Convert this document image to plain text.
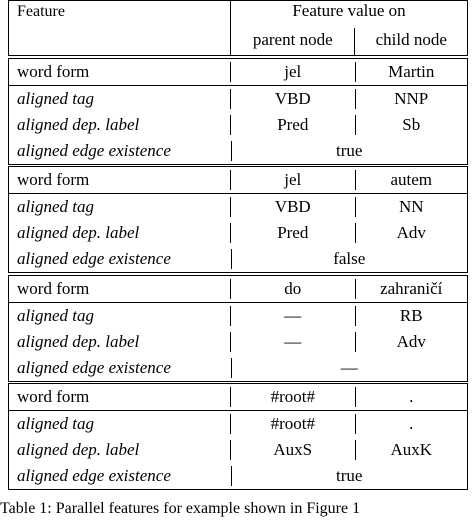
Feature	Feature value on
parent node	child node
word form	jel	Martin
aligned tag	VBD	NNP
aligned dep. label	Pred	Sb
aligned edge existence	true
word form	jel	autem
aligned tag	VBD	NN
aligned dep. label	Pred	Adv
aligned edge existence	false
word form	do	zahraničí
aligned tag	—	RB
aligned dep. label	—	Adv
aligned edge existence	—
word form	#root#	.
aligned tag	#root#	.
aligned dep. label	AuxS	AuxK
aligned edge existence	true
Table 1: Parallel features for example shown in Figure 1
